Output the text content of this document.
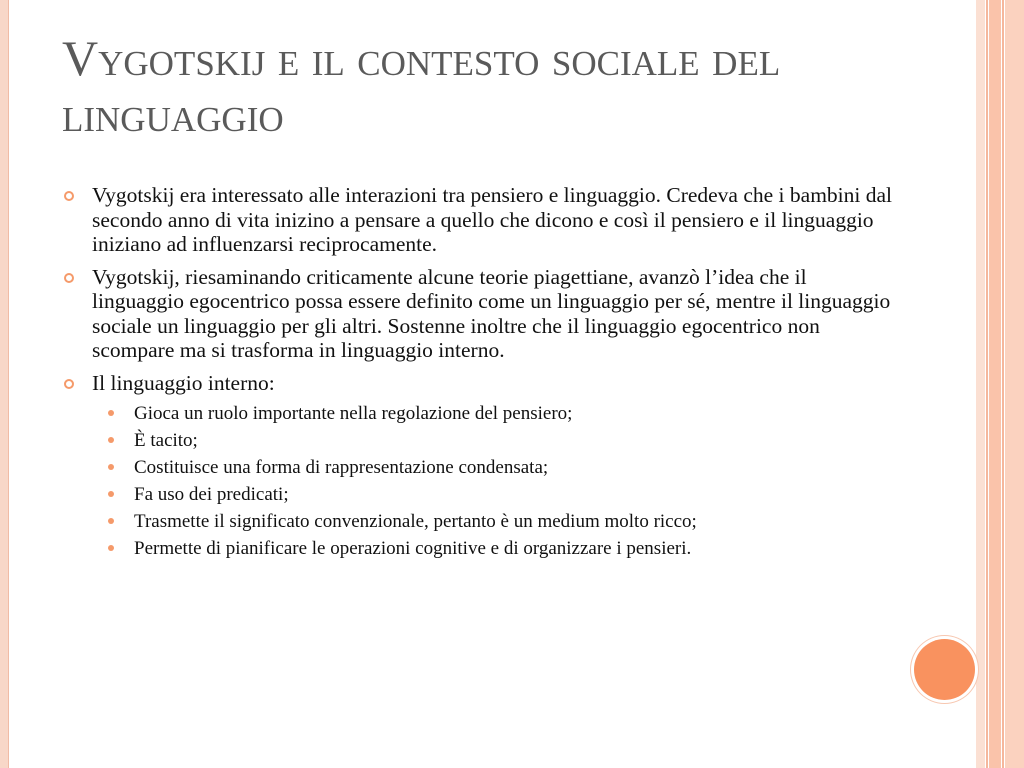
Vygotskij e il contesto sociale del linguaggio
Vygotskij era interessato alle interazioni tra pensiero e linguaggio. Credeva che i bambini dal secondo anno di vita inizino a pensare a quello che dicono e così il pensiero e il linguaggio iniziano ad influenzarsi reciprocamente.
Vygotskij, riesaminando criticamente alcune teorie piagettiane, avanzò l’idea che il linguaggio egocentrico possa essere definito come un linguaggio per sé, mentre il linguaggio sociale un linguaggio per gli altri. Sostenne inoltre che il linguaggio egocentrico non scompare ma si trasforma in linguaggio interno.
Il linguaggio interno:
Gioca un ruolo importante nella regolazione del pensiero;
È tacito;
Costituisce una forma di rappresentazione condensata;
Fa uso dei predicati;
Trasmette il significato convenzionale, pertanto è un medium molto ricco;
Permette di pianificare le operazioni cognitive e di organizzare i pensieri.
